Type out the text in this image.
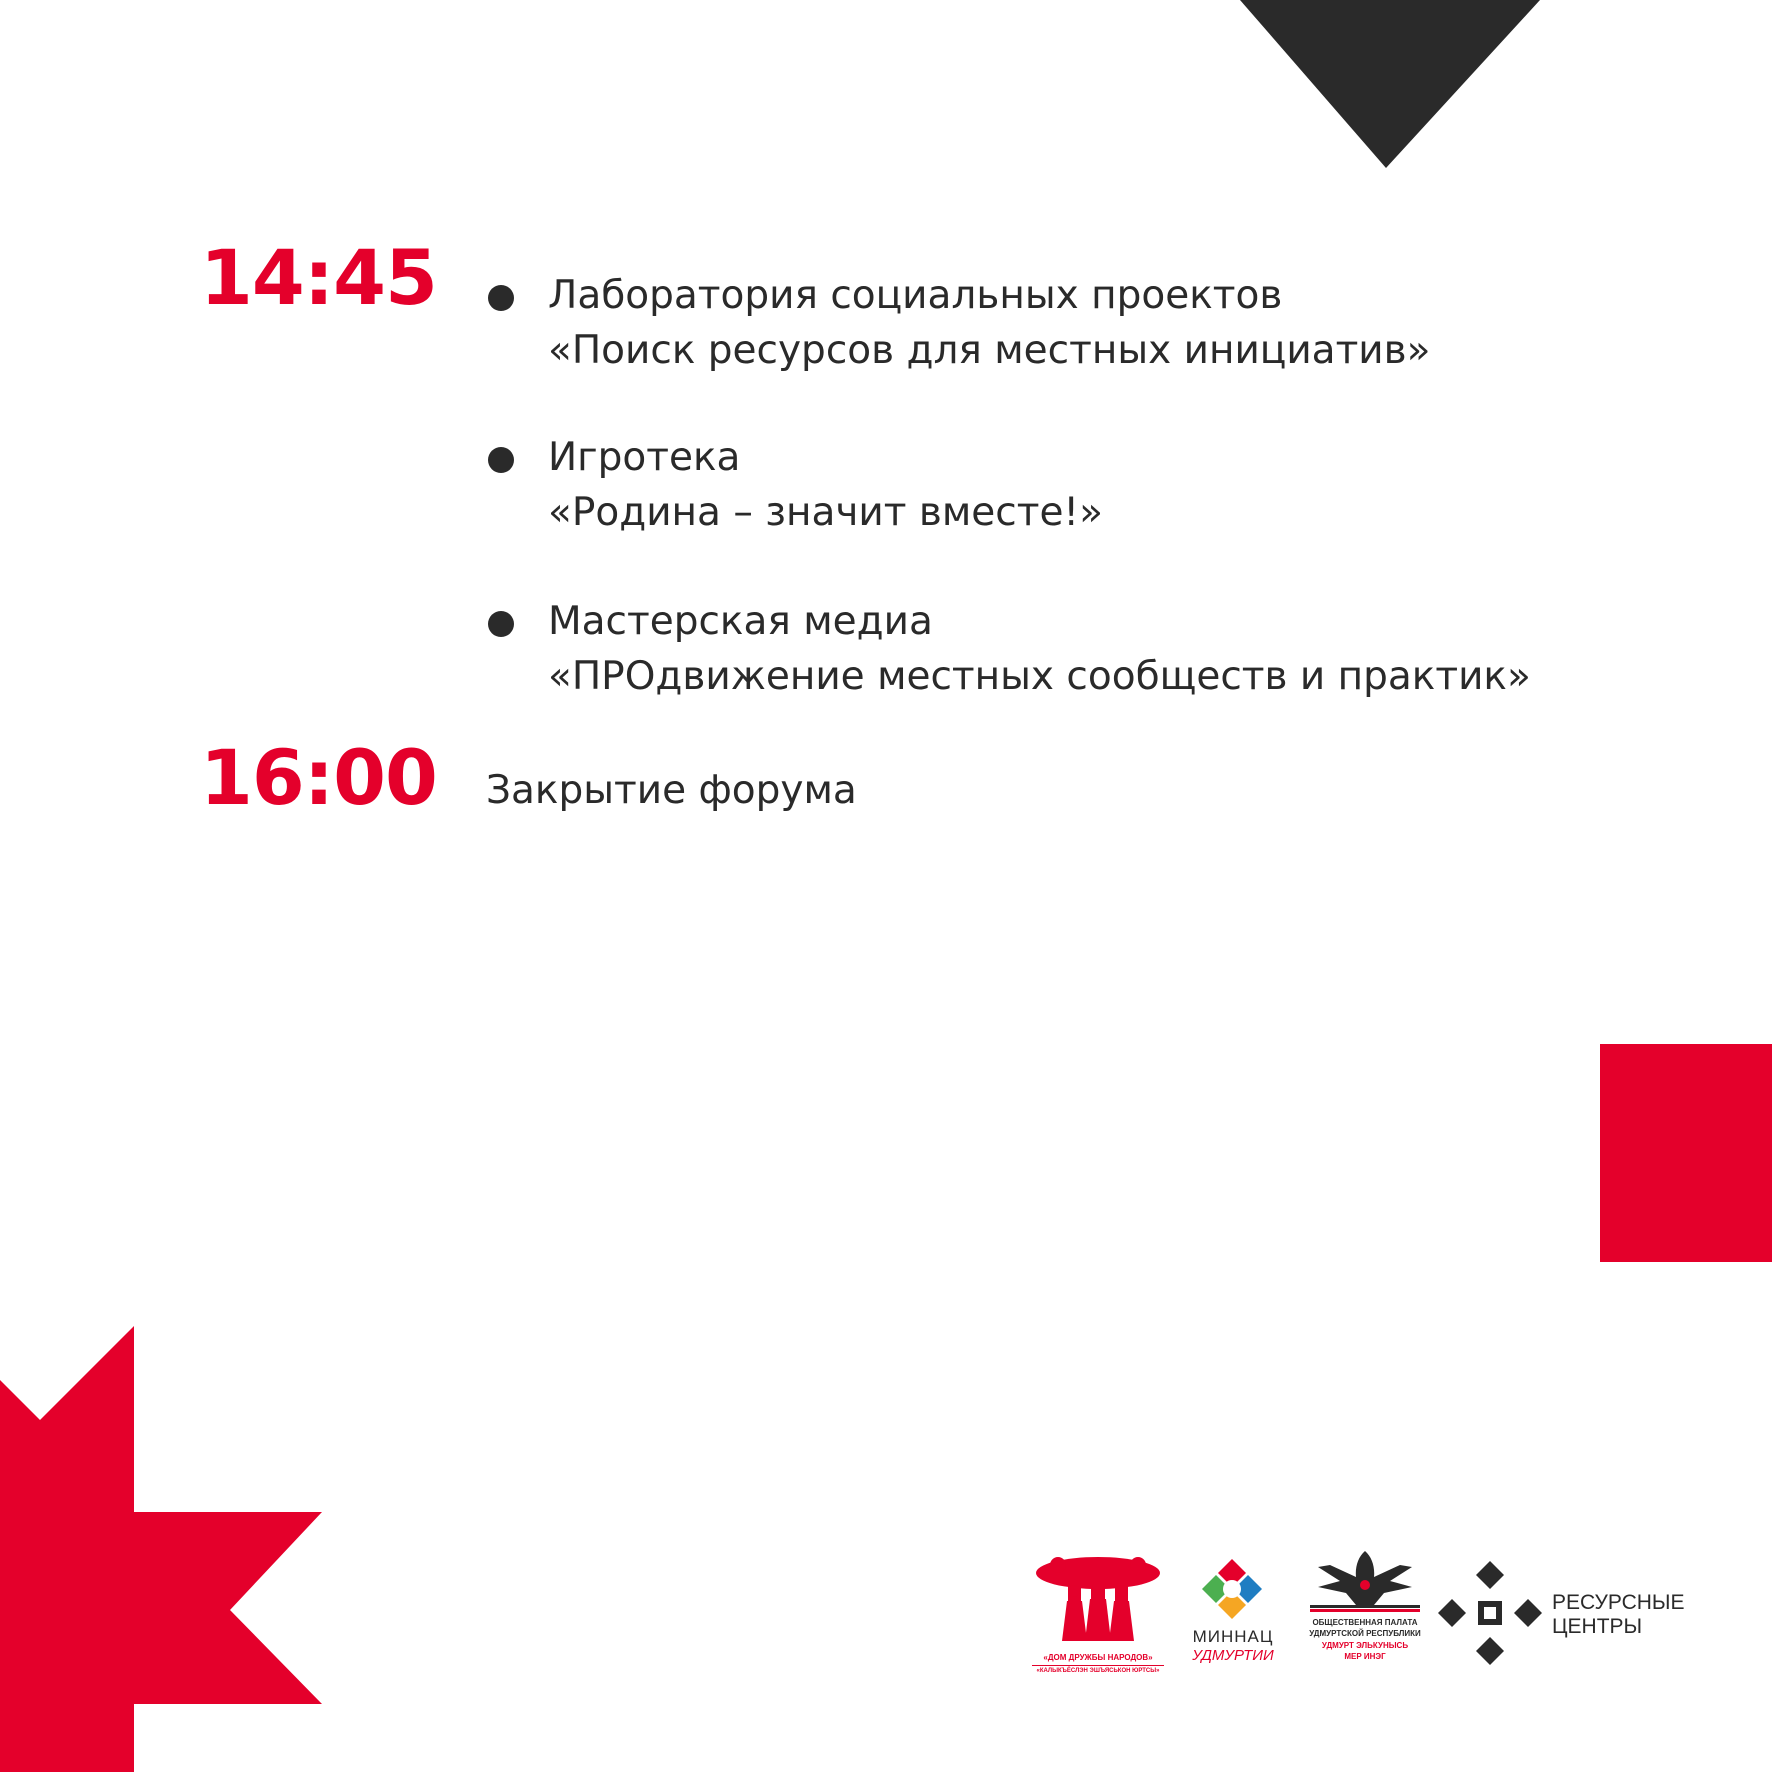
14:45	Лаборатория социальных проектов
«Поиск ресурсов для местных инициатив»
Игротека
«Родина – значит вместе!»
Мастерская медиа
«ПРОдвижение местных сообществ и практик»
16:00 Закрытие форума
«ДОМ ДРУЖБЫ НАРОДОВ»
«КАЛЫКЪЁСЛЭН ЭШЪЯСЬКОН ЮРТСЫ»
МИННАЦ
УДМУРТИИ
ОБЩЕСТВЕННАЯ ПАЛАТА
УДМУРТСКОЙ РЕСПУБЛИКИ
УДМУРТ ЭЛЬКУНЫСЬ
МЕР ИНЭГ
РЕСУРСНЫЕ
ЦЕНТРЫ
